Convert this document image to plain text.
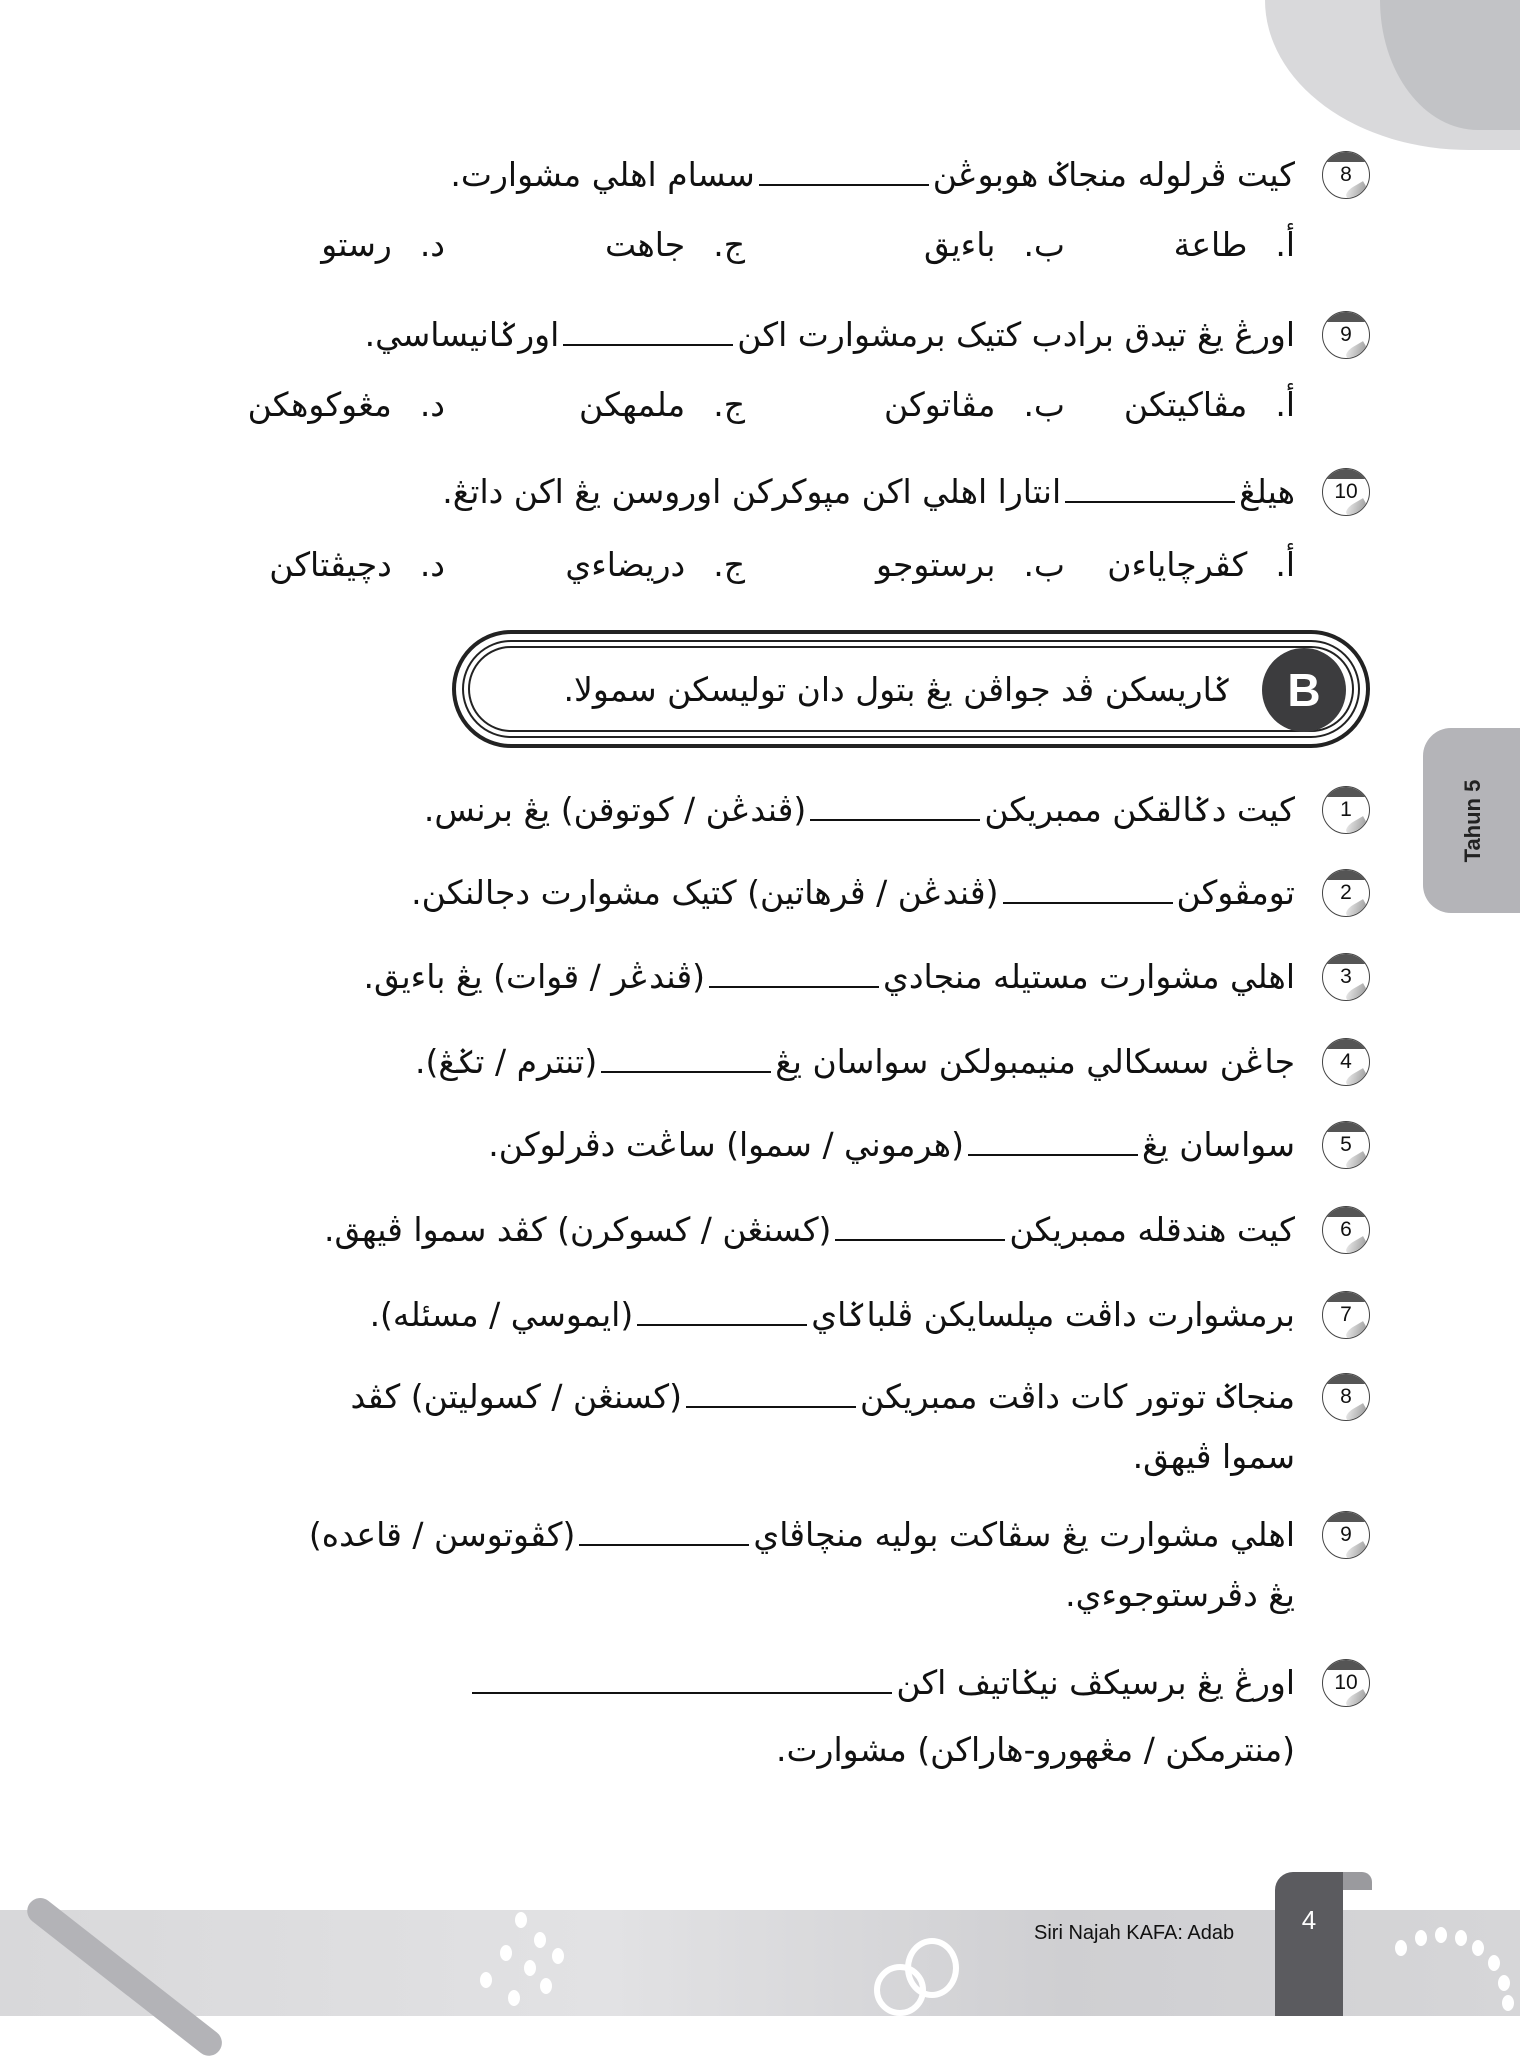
8
كيت ڤرلوله منجاݢ هوبوڠنسسام اهلي مشوارت.
أ.طاعة
ب.باءيق
ج.جاهت
د.رستو
9
اورڠ يڠ تيدق برادب كتيک برمشوارت اكناورݢانيساسي.
أ.مڤاكيتكن
ب.مڤاتوكن
ج.ملمهكن
د.مڠوكوهكن
10
هيلڠانتارا اهلي اكن مڽوكركن اوروسن يڠ اكن داتڠ.
أ.كڤرچاياءن
ب.برستوجو
ج.دريضاءي
د.دچيڤتاكن
B
ݢاريسكن ڤد جواڤن يڠ بتول دان توليسكن سمولا.
Tahun 5
1
كيت دݢالقكن ممبريكن(ڤندڠن / كوتوقن) يڠ برنس.
2
تومڤوكن(ڤندڠن / ڤرهاتين) كتيک مشوارت دجالنكن.
3
اهلي مشوارت مستيله منجادي(ڤندڠر / قوات) يڠ باءيق.
4
جاڠن سسكالي منيمبولكن سواسان يڠ(تنترم / تݢڠ).
5
سواسان يڠ(هرموني / سموا) ساڠت دڤرلوكن.
6
كيت هندقله ممبريكن(كسنڠن / كسوكرن) كڤد سموا ڤيهق.
7
برمشوارت داڤت مڽلسايكن ڤلباݢاي(ايموسي / مسئله).
8
منجاݢ توتور كات داڤت ممبريكن(كسنڠن / كسوليتن) كڤد
سموا ڤيهق.
9
اهلي مشوارت يڠ سڤاكت بوليه منچاڤاي(كڤوتوسن / قاعده)
يڠ دڤرستوجوءي.
10
اورڠ يڠ برسيكڤ نيݢاتيف اكن
(منترمكن / مڠهورو-هاراكن) مشوارت.
Siri Najah KAFA: Adab	4
